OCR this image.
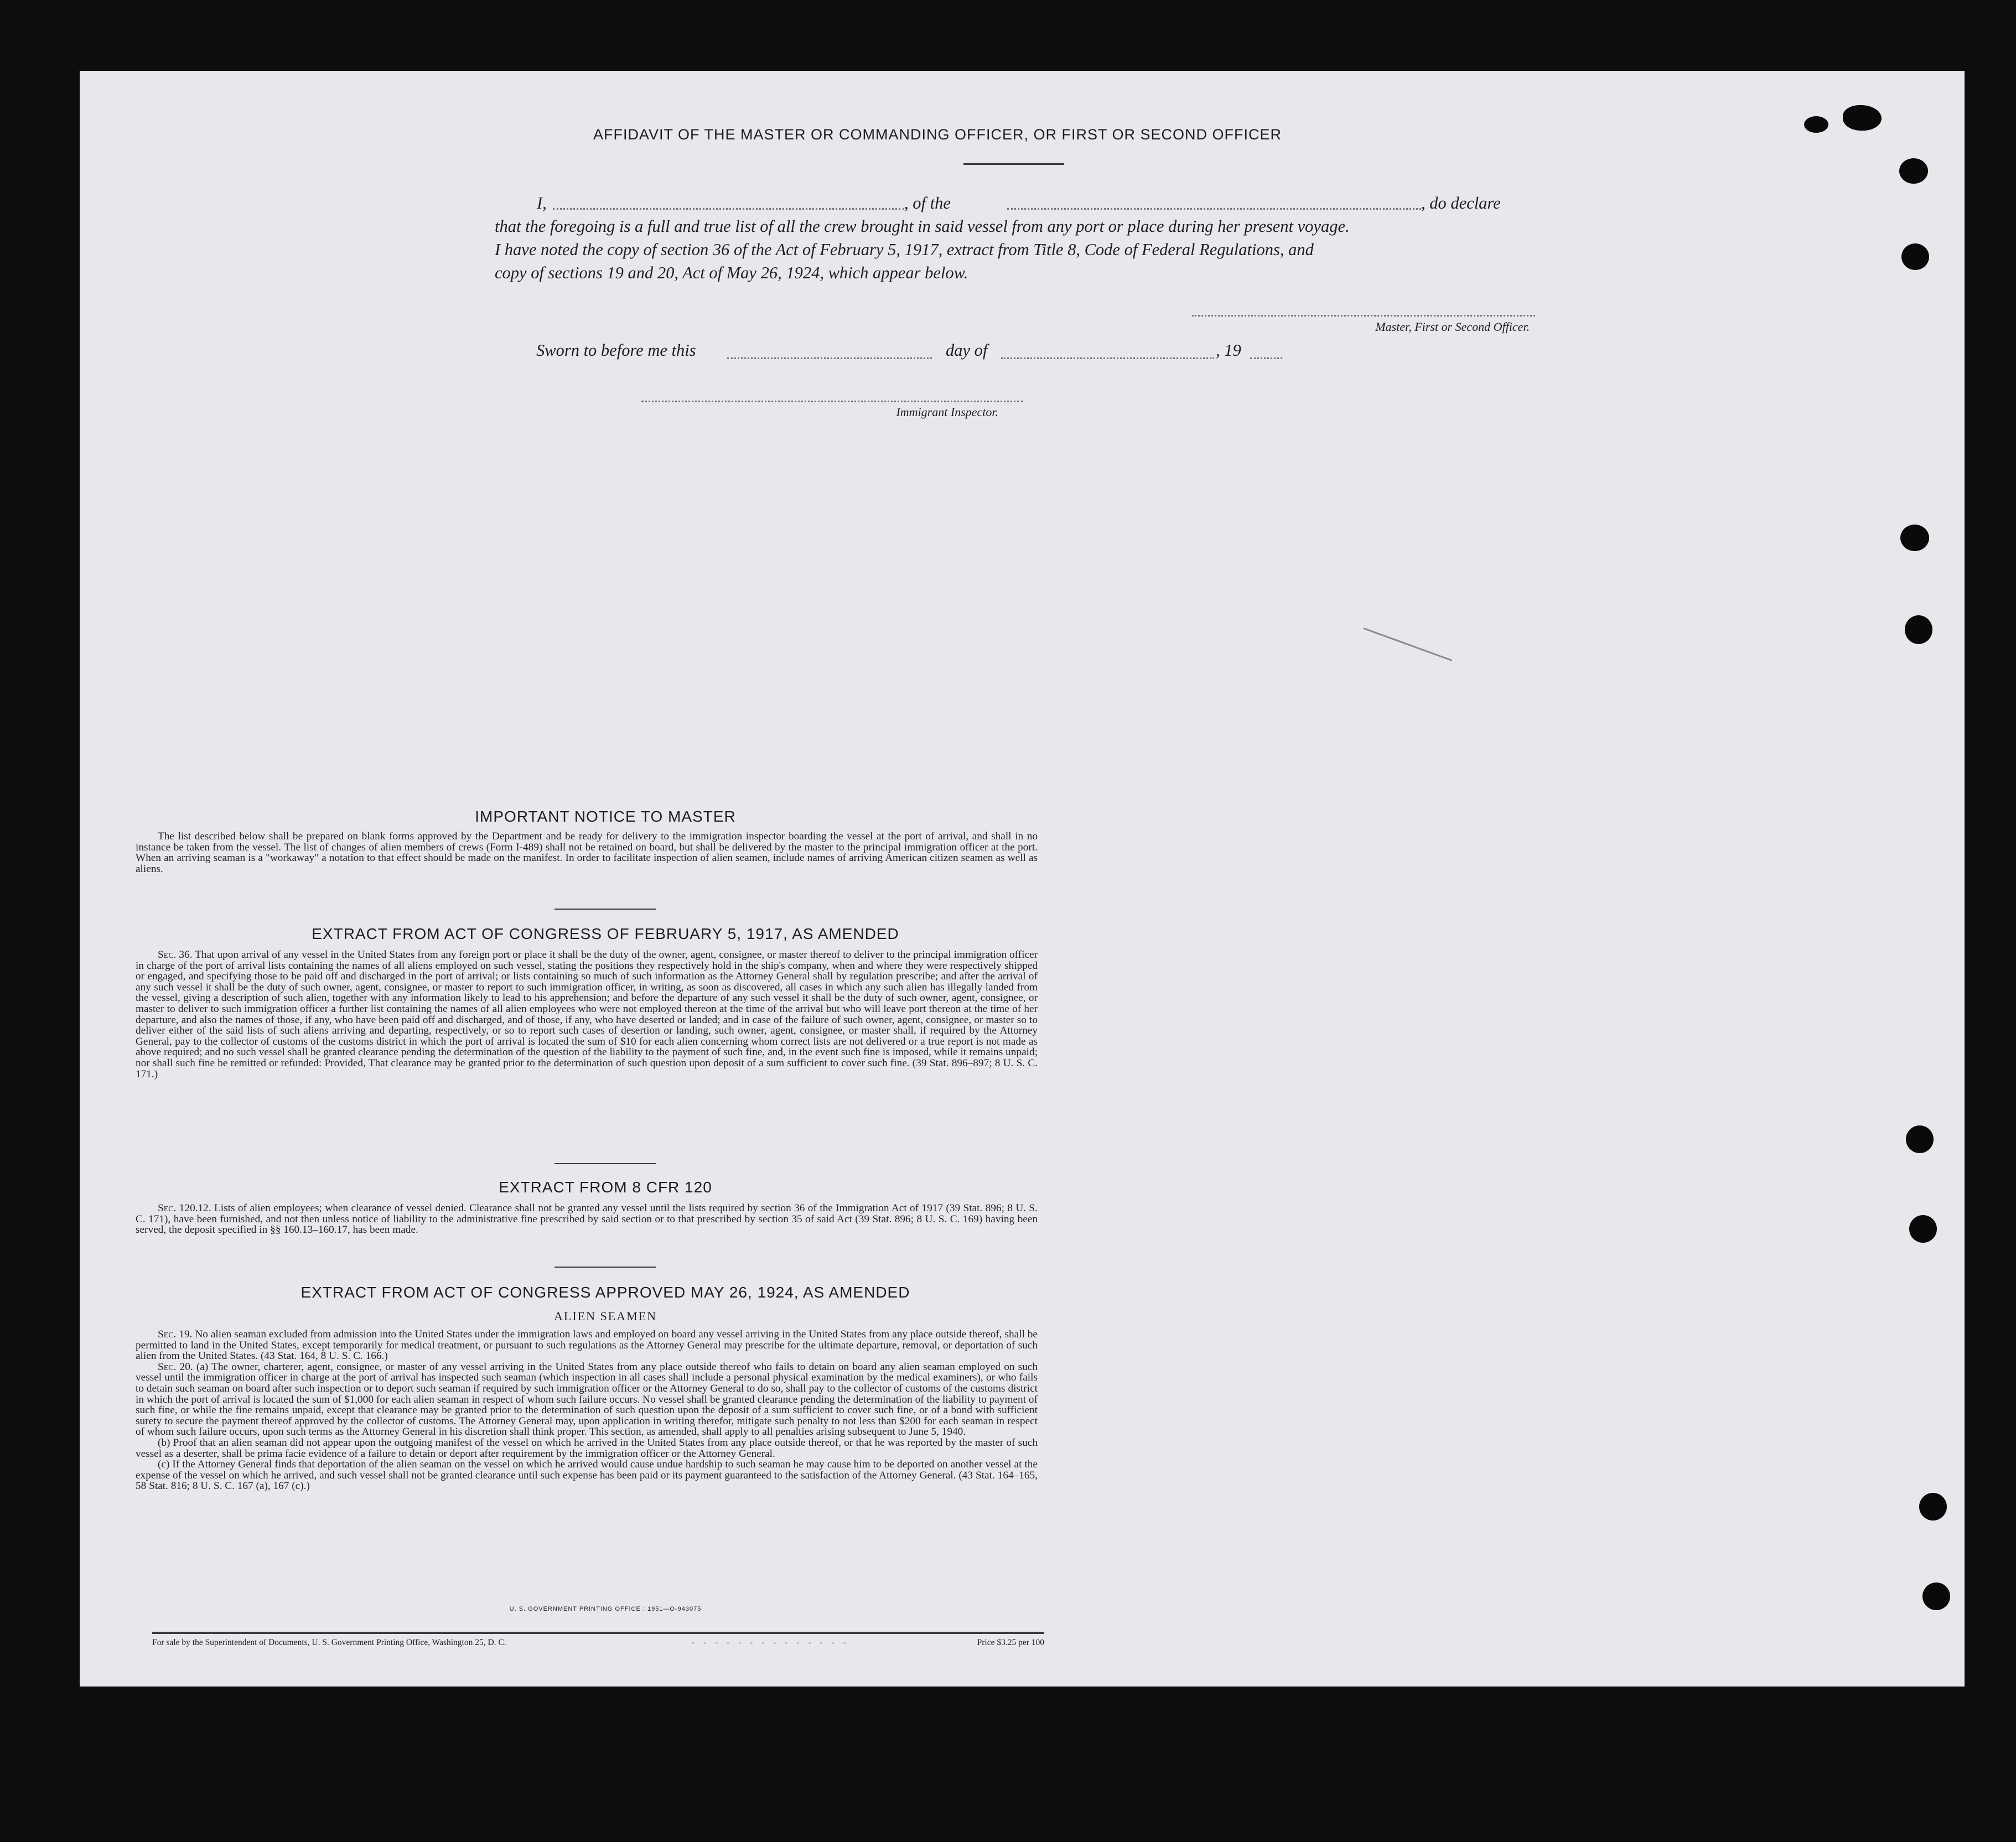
AFFIDAVIT OF THE MASTER OR COMMANDING OFFICER, OR FIRST OR SECOND OFFICER
I,	, of the	, do declare
that the foregoing is a full and true list of all the crew brought in said vessel from any port or place during her present voyage.
I have noted the copy of section 36 of the Act of February 5, 1917, extract from Title 8, Code of Federal Regulations, and
copy of sections 19 and 20, Act of May 26, 1924, which appear below.
Master, First or Second Officer.
Sworn to before me this	day of	, 19
Immigrant Inspector.
IMPORTANT NOTICE TO MASTER

The list described below shall be prepared on blank forms approved by the Department and be ready for delivery to the immigration inspector boarding the vessel at the port of arrival, and shall in no instance be taken from the vessel. The list of changes of alien members of crews (Form I-489) shall not be retained on board, but shall be delivered by the master to the principal immigration officer at the port. When an arriving seaman is a "workaway" a notation to that effect should be made on the manifest. In order to facilitate inspection of alien seamen, include names of arriving American citizen seamen as well as aliens.

EXTRACT FROM ACT OF CONGRESS OF FEBRUARY 5, 1917, AS AMENDED

Sec. 36. That upon arrival of any vessel in the United States from any foreign port or place it shall be the duty of the owner, agent, consignee, or master thereof to deliver to the principal immigration officer in charge of the port of arrival lists containing the names of all aliens employed on such vessel, stating the positions they respectively hold in the ship's company, when and where they were respectively shipped or engaged, and specifying those to be paid off and discharged in the port of arrival; or lists containing so much of such information as the Attorney General shall by regulation prescribe; and after the arrival of any such vessel it shall be the duty of such owner, agent, consignee, or master to report to such immigration officer, in writing, as soon as discovered, all cases in which any such alien has illegally landed from the vessel, giving a description of such alien, together with any information likely to lead to his apprehension; and before the departure of any such vessel it shall be the duty of such owner, agent, consignee, or master to deliver to such immigration officer a further list containing the names of all alien employees who were not employed thereon at the time of the arrival but who will leave port thereon at the time of her departure, and also the names of those, if any, who have been paid off and discharged, and of those, if any, who have deserted or landed; and in case of the failure of such owner, agent, consignee, or master so to deliver either of the said lists of such aliens arriving and departing, respectively, or so to report such cases of desertion or landing, such owner, agent, consignee, or master shall, if required by the Attorney General, pay to the collector of customs of the customs district in which the port of arrival is located the sum of $10 for each alien concerning whom correct lists are not delivered or a true report is not made as above required; and no such vessel shall be granted clearance pending the determination of the question of the liability to the payment of such fine, and, in the event such fine is imposed, while it remains unpaid; nor shall such fine be remitted or refunded: Provided, That clearance may be granted prior to the determination of such question upon deposit of a sum sufficient to cover such fine. (39 Stat. 896–897; 8 U. S. C. 171.)

EXTRACT FROM 8 CFR 120

Sec. 120.12. Lists of alien employees; when clearance of vessel denied. Clearance shall not be granted any vessel until the lists required by section 36 of the Immigration Act of 1917 (39 Stat. 896; 8 U. S. C. 171), have been furnished, and not then unless notice of liability to the administrative fine prescribed by said section or to that prescribed by section 35 of said Act (39 Stat. 896; 8 U. S. C. 169) having been served, the deposit specified in §§ 160.13–160.17, has been made.

EXTRACT FROM ACT OF CONGRESS APPROVED MAY 26, 1924, AS AMENDED
ALIEN SEAMEN

Sec. 19. No alien seaman excluded from admission into the United States under the immigration laws and employed on board any vessel arriving in the United States from any place outside thereof, shall be permitted to land in the United States, except temporarily for medical treatment, or pursuant to such regulations as the Attorney General may prescribe for the ultimate departure, removal, or deportation of such alien from the United States. (43 Stat. 164, 8 U. S. C. 166.)

Sec. 20. (a) The owner, charterer, agent, consignee, or master of any vessel arriving in the United States from any place outside thereof who fails to detain on board any alien seaman employed on such vessel until the immigration officer in charge at the port of arrival has inspected such seaman (which inspection in all cases shall include a personal physical examination by the medical examiners), or who fails to detain such seaman on board after such inspection or to deport such seaman if required by such immigration officer or the Attorney General to do so, shall pay to the collector of customs of the customs district in which the port of arrival is located the sum of $1,000 for each alien seaman in respect of whom such failure occurs. No vessel shall be granted clearance pending the determination of the liability to payment of such fine, or while the fine remains unpaid, except that clearance may be granted prior to the determination of such question upon the deposit of a sum sufficient to cover such fine, or of a bond with sufficient surety to secure the payment thereof approved by the collector of customs. The Attorney General may, upon application in writing therefor, mitigate such penalty to not less than $200 for each seaman in respect of whom such failure occurs, upon such terms as the Attorney General in his discretion shall think proper. This section, as amended, shall apply to all penalties arising subsequent to June 5, 1940.

(b) Proof that an alien seaman did not appear upon the outgoing manifest of the vessel on which he arrived in the United States from any place outside thereof, or that he was reported by the master of such vessel as a deserter, shall be prima facie evidence of a failure to detain or deport after requirement by the immigration officer or the Attorney General.

(c) If the Attorney General finds that deportation of the alien seaman on the vessel on which he arrived would cause undue hardship to such seaman he may cause him to be deported on another vessel at the expense of the vessel on which he arrived, and such vessel shall not be granted clearance until such expense has been paid or its payment guaranteed to the satisfaction of the Attorney General. (43 Stat. 164–165, 58 Stat. 816; 8 U. S. C. 167 (a), 167 (c).)

U. S. GOVERNMENT PRINTING OFFICE : 1951—O-943075
For sale by the Superintendent of Documents, U. S. Government Printing Office, Washington 25, D. C.	- - - - - - - - - - - - - -	Price $3.25 per 100
